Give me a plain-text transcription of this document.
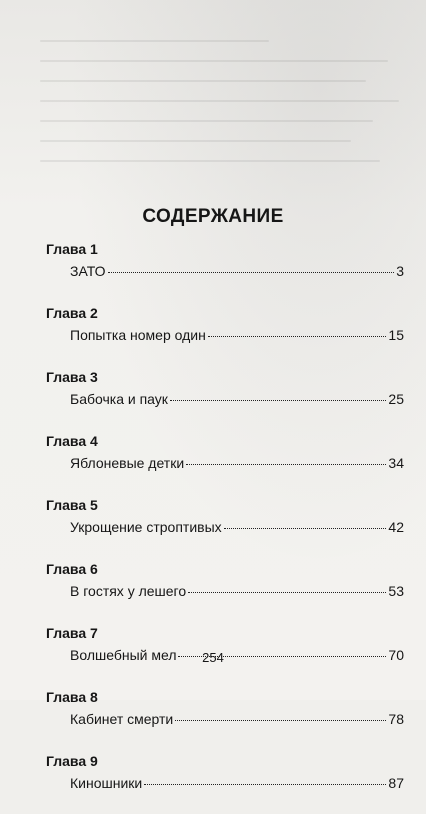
СОДЕРЖАНИЕ
Глава 1
ЗАТО	3
Глава 2
Попытка номер один	15
Глава 3
Бабочка и паук	25
Глава 4
Яблоневые детки	34
Глава 5
Укрощение строптивых	42
Глава 6
В гостях у лешего	53
Глава 7
Волшебный мел	70
Глава 8
Кабинет смерти	78
Глава 9
Киношники	87
254
